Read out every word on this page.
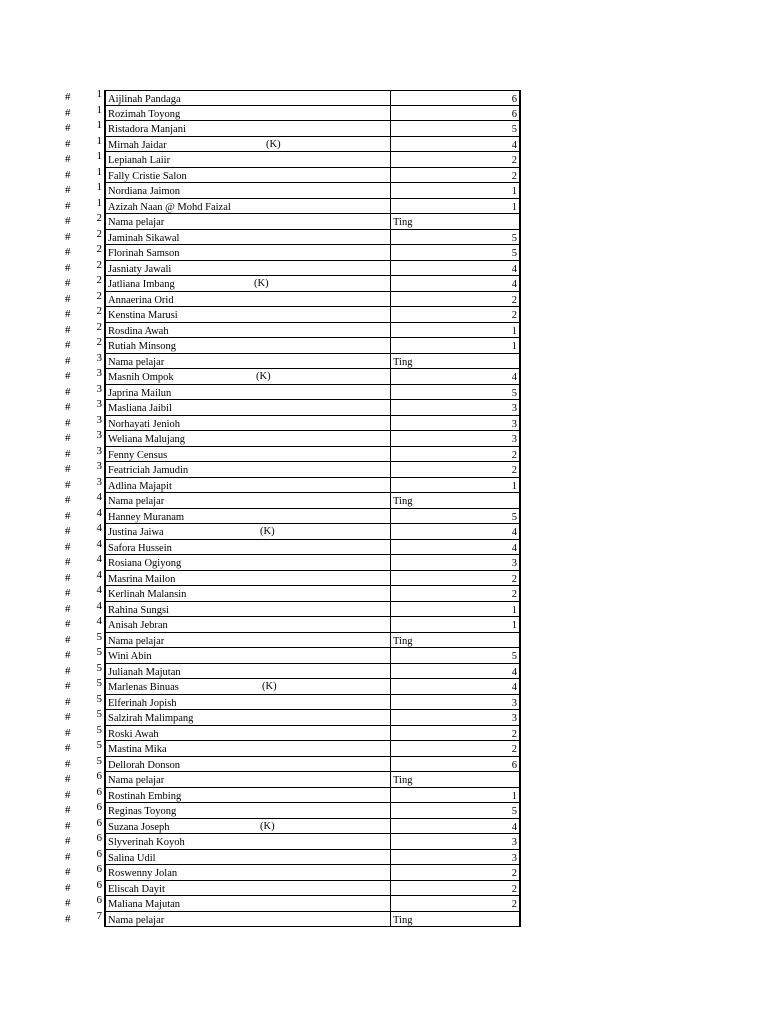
#	1 Aijlinah Pandaga	6
#	1 Rozimah Toyong	6
#	1 Ristadora Manjani	5
#	1 Mirnah Jaidar	(K)	4
#	1 Lepianah Laiir	2
#	1 Fally Cristie Salon	2
#	1 Nordiana Jaimon	1
#	1 Azizah Naan @ Mohd Faizal	1
#	2 Nama pelajar	Ting
#	2 Jaminah Sikawal	5
#	2 Florinah Samson	5
#	2 Jasniaty Jawali	4
#	2 Jatliana Imbang	(K)	4
#	2 Annaerina Orid	2
#	2 Kenstina Marusi	2
#	2 Rosdina Awah	1
#	2 Rutiah Minsong	1
#	3 Nama pelajar	Ting
#	3 Masnih Ompok	(K)	4
#	3 Japrina Mailun	5
#	3 Masliana Jaibil	3
#	3 Norhayati Jenioh	3
#	3 Weliana Malujang	3
#	3 Fenny Census	2
#	3 Featriciah Jamudin	2
#	3 Adlina Majapit	1
#	4 Nama pelajar	Ting
#	4 Hanney Muranam	5
#	4 Justina Jaiwa	(K)	4
#	4 Safora Hussein	4
#	4 Rosiana Ogiyong	3
#	4 Masrina Mailon	2
#	4 Kerlinah Malansin	2
#	4 Rahina Sungsi	1
#	4 Anisah Jebran	1
#	5 Nama pelajar	Ting
#	5 Wini Abin	5
#	5 Julianah Majutan	4
#	5 Marlenas Binuas	(K)	4
#	5 Elferinah Jopish	3
#	5 Salzirah Malimpang	3
#	5 Roski Awah	2
#	5 Mastina Mika	2
#	5 Dellorah Donson	6
#	6 Nama pelajar	Ting
#	6 Rostinah Embing	1
#	6 Reginas Toyong	5
#	6 Suzana Joseph	(K)	4
#	6 Slyverinah Koyoh	3
#	6 Salina Udil	3
#	6 Roswenny Jolan	2
#	6 Eliscah Dayit	2
#	6 Maliana Majutan	2
#	7 Nama pelajar	Ting
